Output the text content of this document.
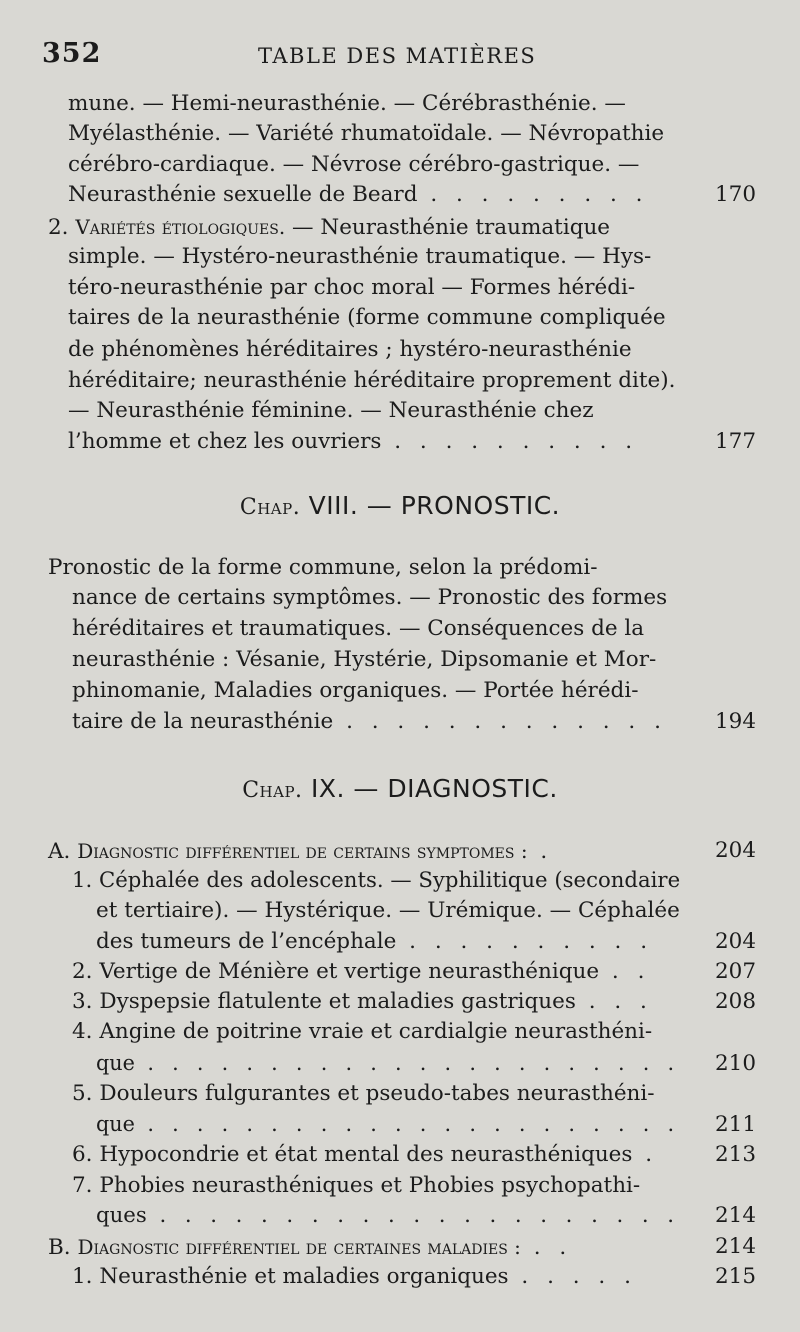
352	TABLE DES MATIÈRES
mune. — Hemi-neurasthénie. — Cérébrasthénie. —
Myélasthénie. — Variété rhumatoïdale. — Névropathie
cérébro-cardiaque. — Névrose cérébro-gastrique. —
Neurasthénie sexuelle de Beard . . . . . . . . .	170
2. Variétés étiologiques. — Neurasthénie traumatique
simple. — Hystéro-neurasthénie traumatique. — Hys-
téro-neurasthénie par choc moral — Formes hérédi-
taires de la neurasthénie (forme commune compliquée
de phénomènes héréditaires ; hystéro-neurasthénie
héréditaire; neurasthénie héréditaire proprement dite).
— Neurasthénie féminine. — Neurasthénie chez
l’homme et chez les ouvriers . . . . . . . . . .	177
Pronostic de la forme commune, selon la prédomi-
nance de certains symptômes. — Pronostic des formes
héréditaires et traumatiques. — Conséquences de la
neurasthénie : Vésanie, Hystérie, Dipsomanie et Mor-
phinomanie, Maladies organiques. — Portée hérédi-
taire de la neurasthénie . . . . . . . . . . . . . 194
A. Diagnostic différentiel de certains symptomes : .	204
1. Céphalée des adolescents. — Syphilitique (secondaire
et tertiaire). — Hystérique. — Urémique. — Céphalée
des tumeurs de l’encéphale . . . . . . . . . .	204
2. Vertige de Ménière et vertige neurasthénique . .	207
3. Dyspepsie flatulente et maladies gastriques . . .	208
4. Angine de poitrine vraie et cardialgie neurasthéni-
que . . . . . . . . . . . . . . . . . . . . . . 210
5. Douleurs fulgurantes et pseudo-tabes neurasthéni-
que . . . . . . . . . . . . . . . . . . . . . . 211
6. Hypocondrie et état mental des neurasthéniques .	213
7. Phobies neurasthéniques et Phobies psychopathi-
ques . . . . . . . . . . . . . . . . . . . . . 214
B. Diagnostic différentiel de certaines maladies : . .	214
1. Neurasthénie et maladies organiques . . . . .	215
Chap. VIII. — PRONOSTIC.
Chap. IX. — DIAGNOSTIC.
